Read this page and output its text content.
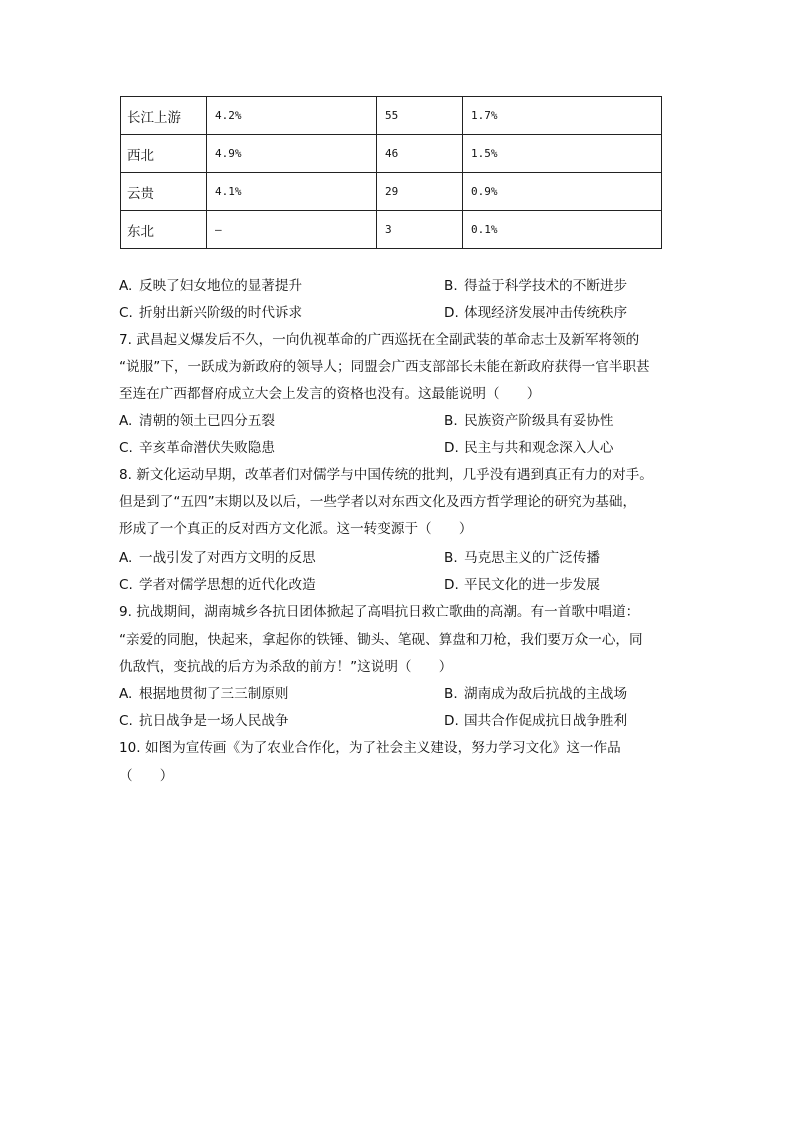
长江上游	4.2%	55	1.7%
西北	4.9%	46	1.5%
云贵	4.1%	29	0.9%
东北	—	3	0.1%
A. 反映了妇女地位的显著提升	B. 得益于科学技术的不断进步
C. 折射出新兴阶级的时代诉求	D. 体现经济发展冲击传统秩序
7. 武昌起义爆发后不久，一向仇视革命的广西巡抚在全副武装的革命志士及新军将领的
“说服”下，一跃成为新政府的领导人；同盟会广西支部部长未能在新政府获得一官半职甚
至连在广西都督府成立大会上发言的资格也没有。这最能说明（　　）
A. 清朝的领土已四分五裂	B. 民族资产阶级具有妥协性
C. 辛亥革命潜伏失败隐患	D. 民主与共和观念深入人心
8. 新文化运动早期，改革者们对儒学与中国传统的批判，几乎没有遇到真正有力的对手。
但是到了“五四”末期以及以后，一些学者以对东西文化及西方哲学理论的研究为基础，
形成了一个真正的反对西方文化派。这一转变源于（　　）
A. 一战引发了对西方文明的反思	B. 马克思主义的广泛传播
C. 学者对儒学思想的近代化改造	D. 平民文化的进一步发展
9. 抗战期间，湖南城乡各抗日团体掀起了高唱抗日救亡歌曲的高潮。有一首歌中唱道：
“亲爱的同胞，快起来，拿起你的铁锤、锄头、笔砚、算盘和刀枪，我们要万众一心，同
仇敌忾，变抗战的后方为杀敌的前方！”这说明（　　）
A. 根据地贯彻了三三制原则	B. 湖南成为敌后抗战的主战场
C. 抗日战争是一场人民战争	D. 国共合作促成抗日战争胜利
10. 如图为宣传画《为了农业合作化，为了社会主义建设，努力学习文化》这一作品
（　　）
